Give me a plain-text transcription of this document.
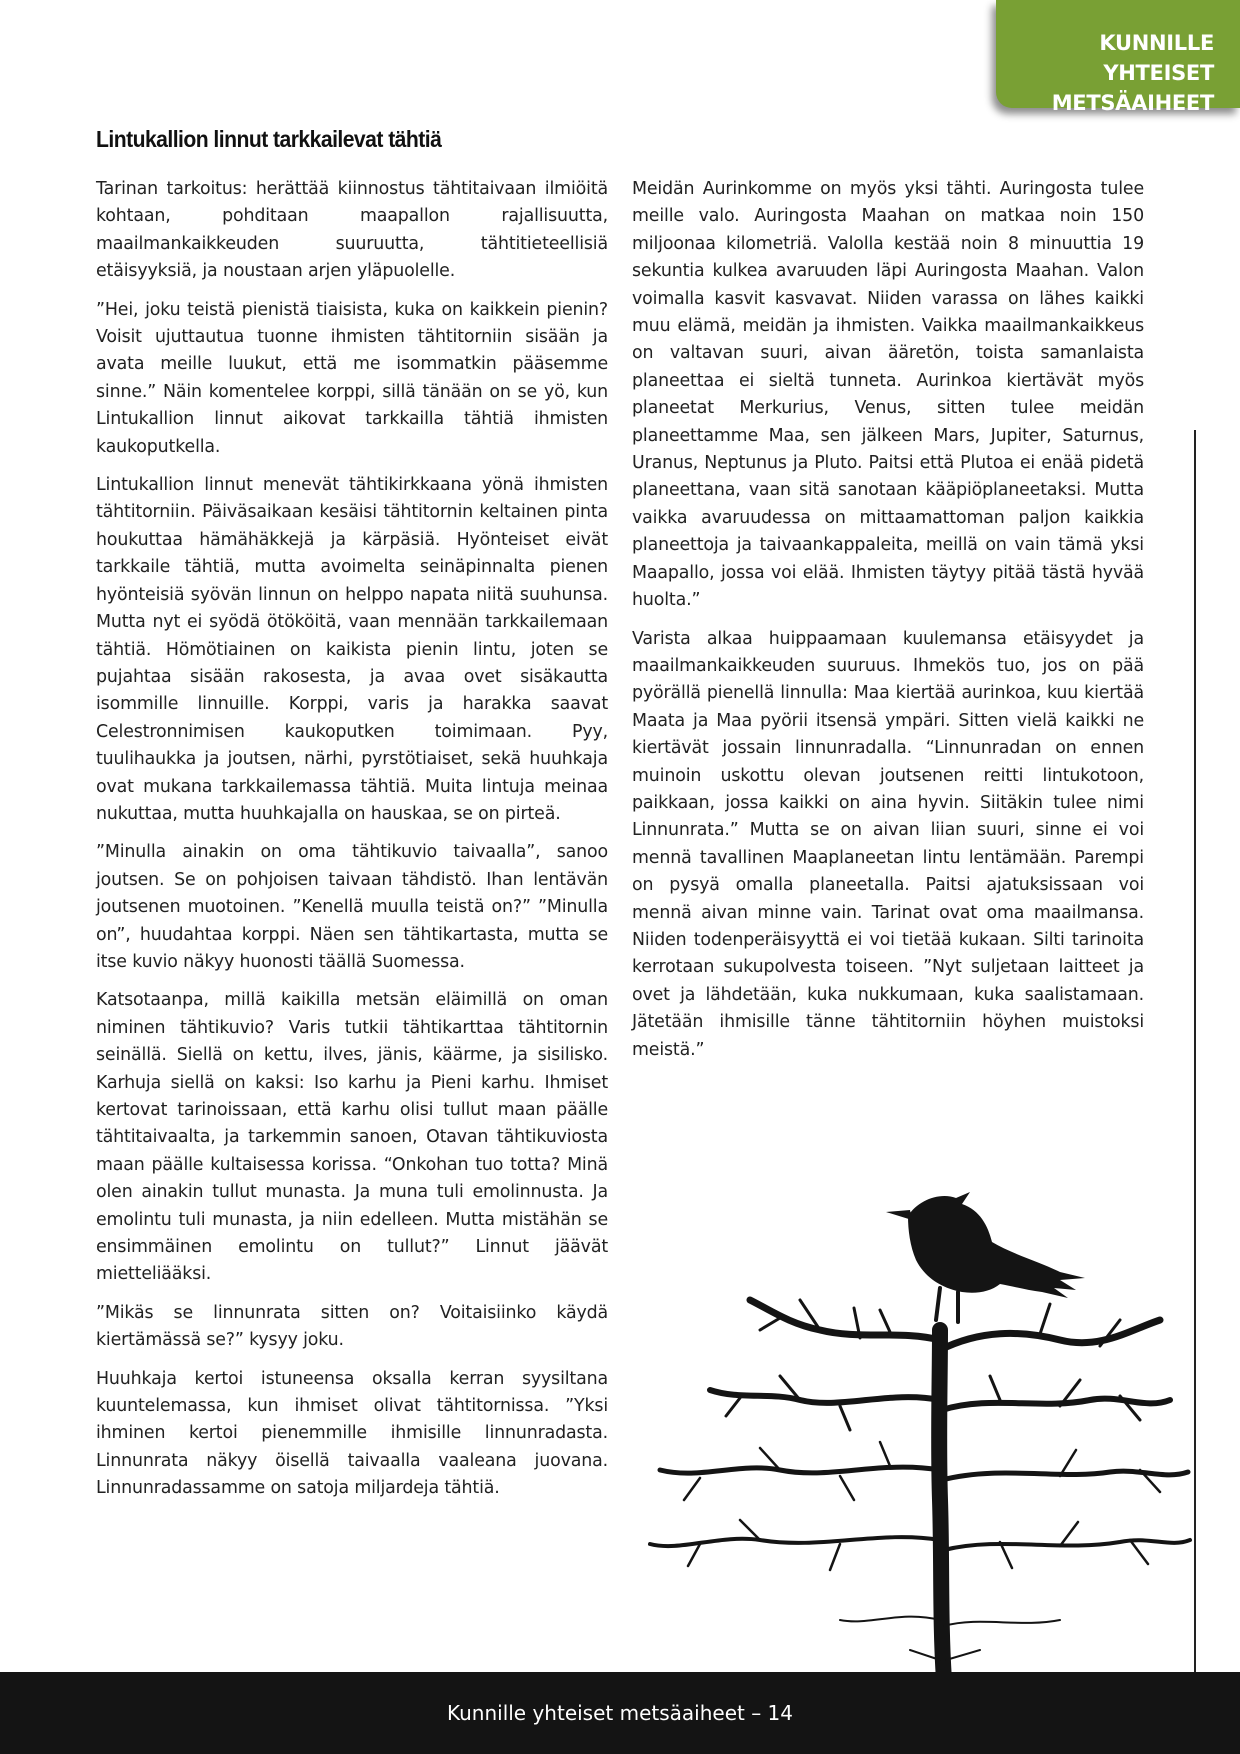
KUNNILLE YHTEISET
METSÄAIHEET
Lintukallion linnut tarkkailevat tähtiä

Tarinan tarkoitus: herättää kiinnostus tähtitaivaan ilmiöitä kohtaan, pohditaan maapallon rajallisuutta, maailmankaikkeuden suuruutta, tähtitieteellisiä etäisyyksiä, ja noustaan arjen yläpuolelle.

”Hei, joku teistä pienistä tiaisista, kuka on kaikkein pienin? Voisit ujuttautua tuonne ihmisten tähtitorniin sisään ja avata meille luukut, että me isommatkin pääsemme sinne.” Näin komentelee korppi, sillä tänään on se yö, kun Lintukallion linnut aikovat tarkkailla tähtiä ihmisten kaukoputkella.

Lintukallion linnut menevät tähtikirkkaana yönä ihmisten tähtitorniin. Päiväsaikaan kesäisi tähtitornin keltainen pinta houkuttaa hämähäkkejä ja kärpäsiä. Hyönteiset eivät tarkkaile tähtiä, mutta avoimelta seinäpinnalta pienen hyönteisiä syövän linnun on helppo napata niitä suuhunsa. Mutta nyt ei syödä ötököitä, vaan mennään tarkkailemaan tähtiä. Hömötiainen on kaikista pienin lintu, joten se pujahtaa sisään rakosesta, ja avaa ovet sisäkautta isommille linnuille. Korppi, varis ja harakka saavat Celestronnimisen kaukoputken toimimaan. Pyy, tuulihaukka ja joutsen, närhi, pyrstötiaiset, sekä huuhkaja ovat mukana tarkkailemassa tähtiä. Muita lintuja meinaa nukuttaa, mutta huuhkajalla on hauskaa, se on pirteä.

”Minulla ainakin on oma tähtikuvio taivaalla”, sanoo joutsen. Se on pohjoisen taivaan tähdistö. Ihan lentävän joutsenen muotoinen. ”Kenellä muulla teistä on?” ”Minulla on”, huudahtaa korppi. Näen sen tähtikartasta, mutta se itse kuvio näkyy huonosti täällä Suomessa.

Katsotaanpa, millä kaikilla metsän eläimillä on oman niminen tähtikuvio? Varis tutkii tähtikarttaa tähtitornin seinällä. Siellä on kettu, ilves, jänis, käärme, ja sisilisko. Karhuja siellä on kaksi: Iso karhu ja Pieni karhu. Ihmiset kertovat tarinoissaan, että karhu olisi tullut maan päälle tähtitaivaalta, ja tarkemmin sanoen, Otavan tähtikuviosta maan päälle kultaisessa korissa. “Onkohan tuo totta? Minä olen ainakin tullut munasta. Ja muna tuli emolinnusta. Ja emolintu tuli munasta, ja niin edelleen. Mutta mistähän se ensimmäinen emolintu on tullut?” Linnut jäävät mietteliääksi.

”Mikäs se linnunrata sitten on? Voitaisiinko käydä kiertämässä se?” kysyy joku.

Huuhkaja kertoi istuneensa oksalla kerran syysiltana kuuntelemassa, kun ihmiset olivat tähtitornissa. ”Yksi ihminen kertoi pienemmille ihmisille linnunradasta. Linnunrata näkyy öisellä taivaalla vaaleana juovana. Linnunradassamme on satoja miljardeja tähtiä.

Meidän Aurinkomme on myös yksi tähti. Auringosta tulee meille valo. Auringosta Maahan on matkaa noin 150 miljoonaa kilometriä. Valolla kestää noin 8 minuuttia 19 sekuntia kulkea avaruuden läpi Auringosta Maahan. Valon voimalla kasvit kasvavat. Niiden varassa on lähes kaikki muu elämä, meidän ja ihmisten. Vaikka maailmankaikkeus on valtavan suuri, aivan ääretön, toista samanlaista planeettaa ei sieltä tunneta. Aurinkoa kiertävät myös planeetat Merkurius, Venus, sitten tulee meidän planeettamme Maa, sen jälkeen Mars, Jupiter, Saturnus, Uranus, Neptunus ja Pluto. Paitsi että Plutoa ei enää pidetä planeettana, vaan sitä sanotaan kääpiöplaneetaksi. Mutta vaikka avaruudessa on mittaamattoman paljon kaikkia planeettoja ja taivaankappaleita, meillä on vain tämä yksi Maapallo, jossa voi elää. Ihmisten täytyy pitää tästä hyvää huolta.”

Varista alkaa huippaamaan kuulemansa etäisyydet ja maailmankaikkeuden suuruus. Ihmekös tuo, jos on pää pyörällä pienellä linnulla: Maa kiertää aurinkoa, kuu kiertää Maata ja Maa pyörii itsensä ympäri. Sitten vielä kaikki ne kiertävät jossain linnunradalla. “Linnunradan on ennen muinoin uskottu olevan joutsenen reitti lintukotoon, paikkaan, jossa kaikki on aina hyvin. Siitäkin tulee nimi Linnunrata.” Mutta se on aivan liian suuri, sinne ei voi mennä tavallinen Maaplaneetan lintu lentämään. Parempi on pysyä omalla planeetalla. Paitsi ajatuksissaan voi mennä aivan minne vain. Tarinat ovat oma maailmansa. Niiden todenperäisyyttä ei voi tietää kukaan. Silti tarinoita kerrotaan sukupolvesta toiseen. ”Nyt suljetaan laitteet ja ovet ja lähdetään, kuka nukkumaan, kuka saalistamaan. Jätetään ihmisille tänne tähtitorniin höyhen muistoksi meistä.”

Kunnille yhteiset metsäaiheet – 14
